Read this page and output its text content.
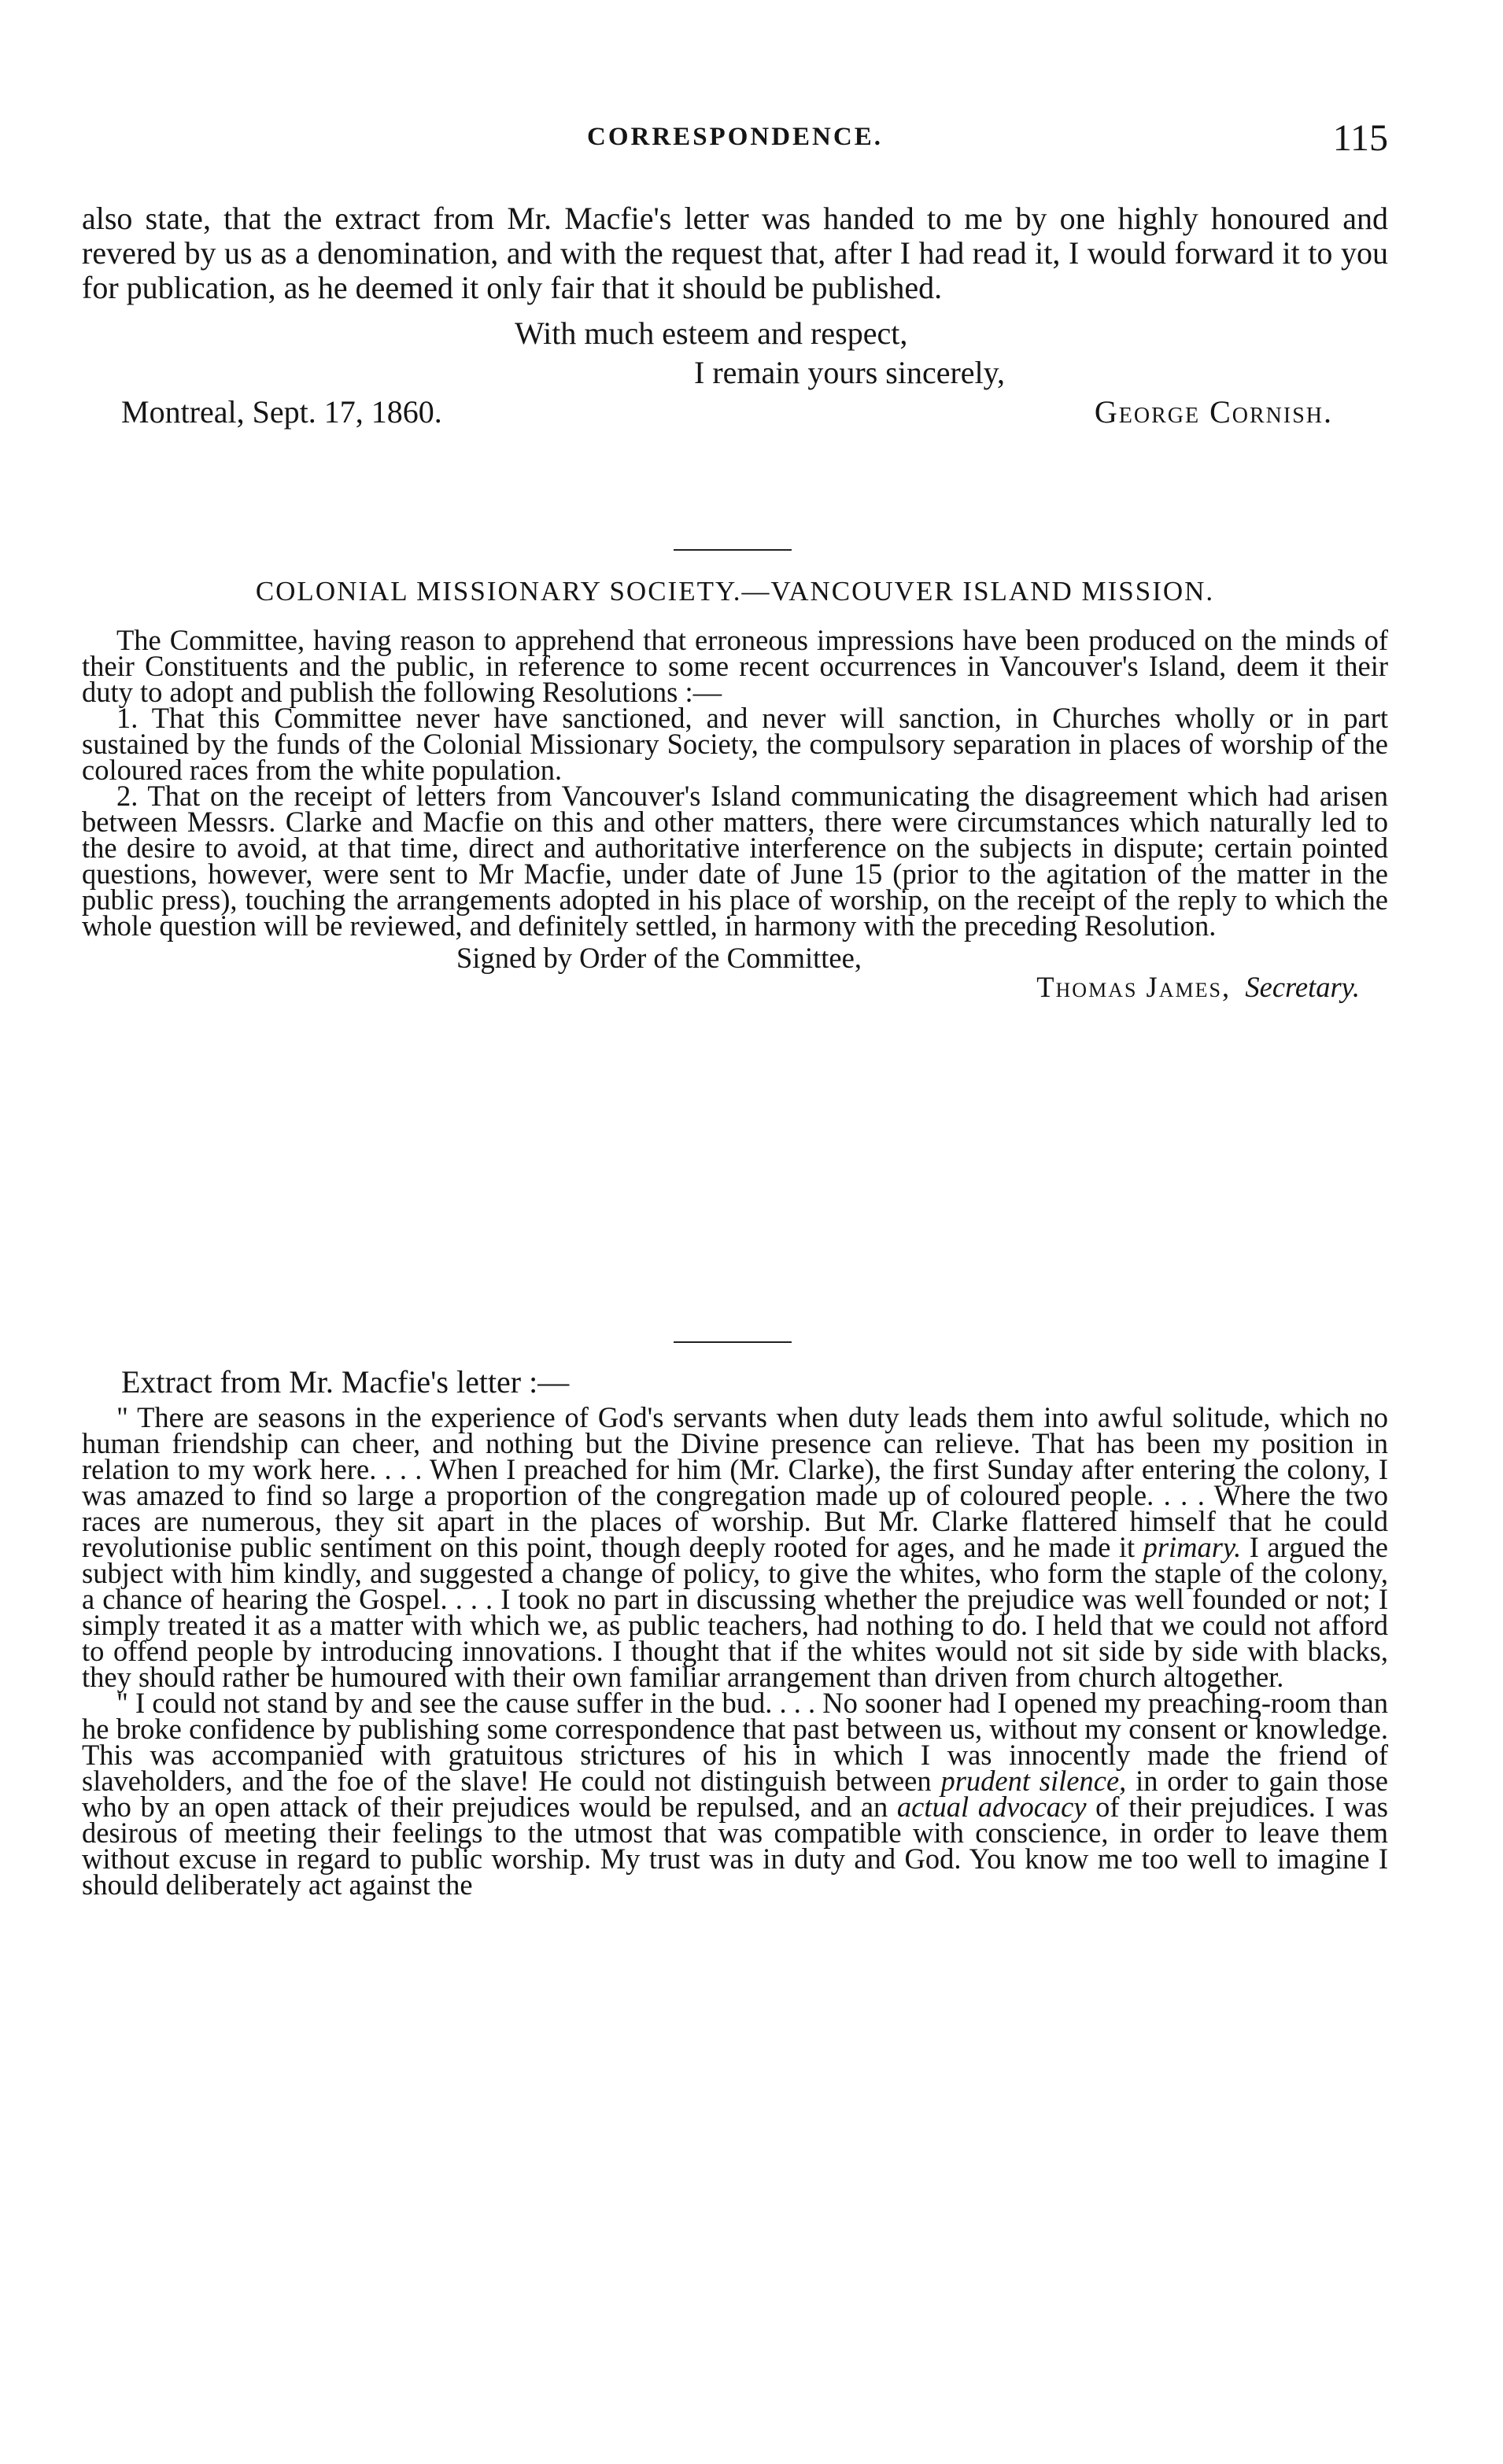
CORRESPONDENCE.	115

also state, that the extract from Mr. Macfie's letter was handed to me by one highly honoured and revered by us as a denomination, and with the request that, after I had read it, I would forward it to you for publication, as he deemed it only fair that it should be published.

With much esteem and respect,
I remain yours sincerely,
Montreal, Sept. 17, 1860.	George Cornish.
COLONIAL MISSIONARY SOCIETY.—VANCOUVER ISLAND MISSION.

The Committee, having reason to apprehend that erroneous impressions have been produced on the minds of their Constituents and the public, in reference to some recent occurrences in Vancouver's Island, deem it their duty to adopt and publish the following Resolutions :—

1. That this Committee never have sanctioned, and never will sanction, in Churches wholly or in part sustained by the funds of the Colonial Missionary Society, the compulsory separation in places of worship of the coloured races from the white population.

2. That on the receipt of letters from Vancouver's Island communicating the disagreement which had arisen between Messrs. Clarke and Macfie on this and other matters, there were circumstances which naturally led to the desire to avoid, at that time, direct and authoritative interference on the subjects in dispute; certain pointed questions, however, were sent to Mr Macfie, under date of June 15 (prior to the agitation of the matter in the public press), touching the arrangements adopted in his place of worship, on the receipt of the reply to which the whole question will be reviewed, and definitely settled, in harmony with the preceding Resolution.

Signed by Order of the Committee,
Thomas James, Secretary.
Extract from Mr. Macfie's letter :—

" There are seasons in the experience of God's servants when duty leads them into awful solitude, which no human friendship can cheer, and nothing but the Divine presence can relieve. That has been my position in relation to my work here. . . . When I preached for him (Mr. Clarke), the first Sunday after entering the colony, I was amazed to find so large a proportion of the congregation made up of coloured people. . . . Where the two races are numerous, they sit apart in the places of worship. But Mr. Clarke flattered himself that he could revolutionise public sentiment on this point, though deeply rooted for ages, and he made it primary. I argued the subject with him kindly, and suggested a change of policy, to give the whites, who form the staple of the colony, a chance of hearing the Gospel. . . . I took no part in discussing whether the prejudice was well founded or not; I simply treated it as a matter with which we, as public teachers, had nothing to do. I held that we could not afford to offend people by introducing innovations. I thought that if the whites would not sit side by side with blacks, they should rather be humoured with their own familiar arrangement than driven from church altogether.

" I could not stand by and see the cause suffer in the bud. . . . No sooner had I opened my preaching-room than he broke confidence by publishing some correspondence that past between us, without my consent or knowledge. This was accompanied with gratuitous strictures of his in which I was innocently made the friend of slaveholders, and the foe of the slave! He could not distinguish between prudent silence, in order to gain those who by an open attack of their prejudices would be repulsed, and an actual advocacy of their prejudices. I was desirous of meeting their feelings to the utmost that was compatible with conscience, in order to leave them without excuse in regard to public worship. My trust was in duty and God. You know me too well to imagine I should deliberately act against the
